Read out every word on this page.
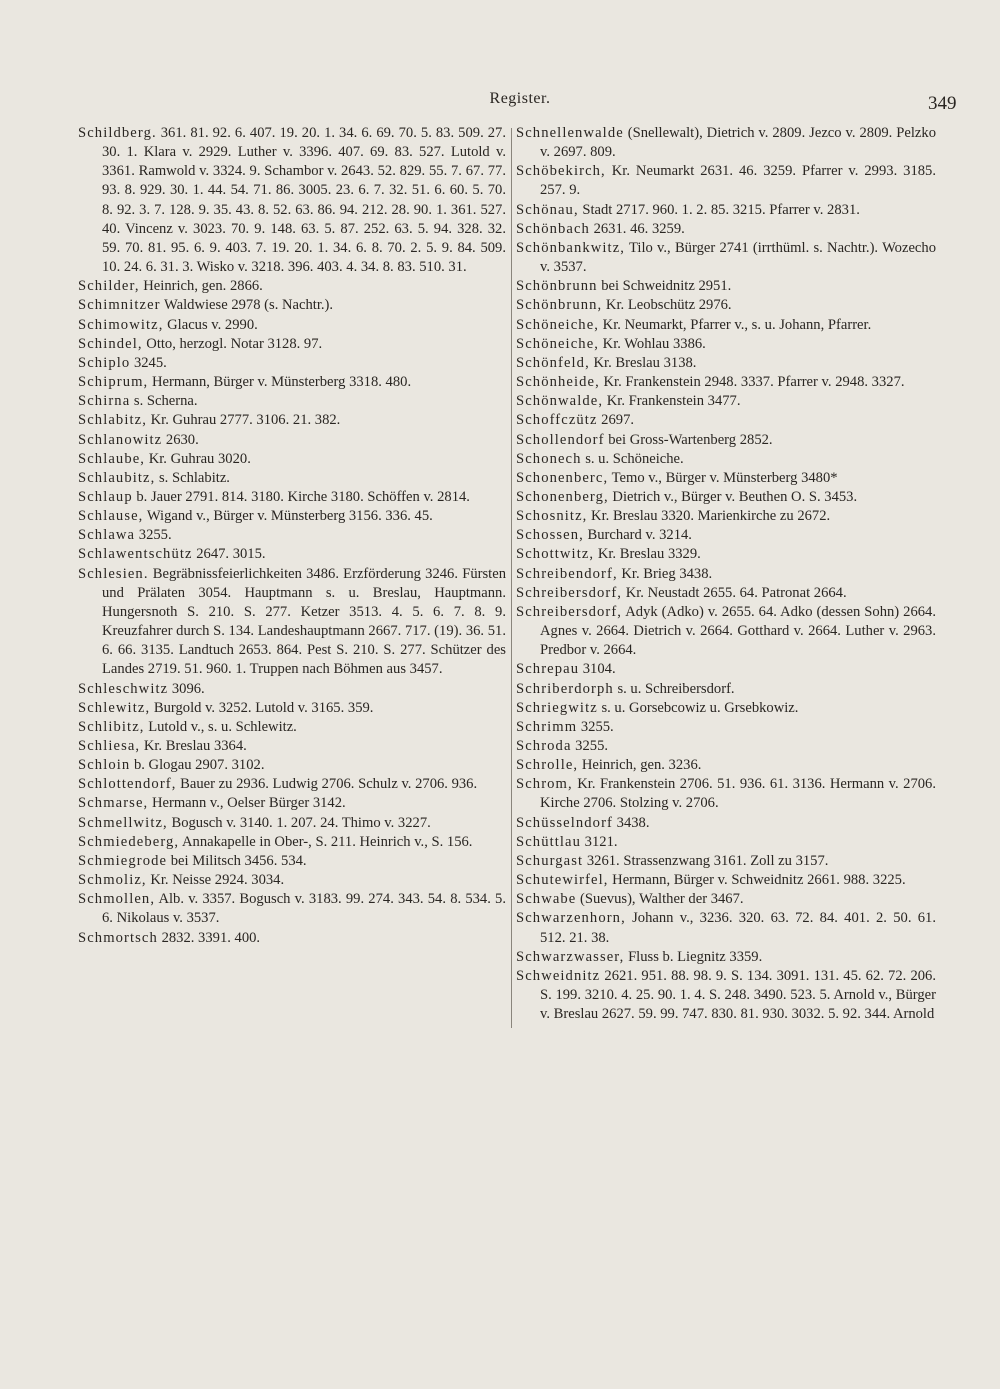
Register.	349

Schildberg. 361. 81. 92. 6. 407. 19. 20. 1. 34. 6. 69. 70. 5. 83. 509. 27. 30. 1. Klara v. 2929. Luther v. 3396. 407. 69. 83. 527. Lutold v. 3361. Ramwold v. 3324. 9. Schambor v. 2643. 52. 829. 55. 7. 67. 77. 93. 8. 929. 30. 1. 44. 54. 71. 86. 3005. 23. 6. 7. 32. 51. 6. 60. 5. 70. 8. 92. 3. 7. 128. 9. 35. 43. 8. 52. 63. 86. 94. 212. 28. 90. 1. 361. 527. 40. Vincenz v. 3023. 70. 9. 148. 63. 5. 87. 252. 63. 5. 94. 328. 32. 59. 70. 81. 95. 6. 9. 403. 7. 19. 20. 1. 34. 6. 8. 70. 2. 5. 9. 84. 509. 10. 24. 6. 31. 3. Wisko v. 3218. 396. 403. 4. 34. 8. 83. 510. 31.

Schilder, Heinrich, gen. 2866.

Schimnitzer Waldwiese 2978 (s. Nachtr.).

Schimowitz, Glacus v. 2990.

Schindel, Otto, herzogl. Notar 3128. 97.

Schiplo 3245.

Schiprum, Hermann, Bürger v. Münsterberg 3318. 480.

Schirna s. Scherna.

Schlabitz, Kr. Guhrau 2777. 3106. 21. 382.

Schlanowitz 2630.

Schlaube, Kr. Guhrau 3020.

Schlaubitz, s. Schlabitz.

Schlaup b. Jauer 2791. 814. 3180. Kirche 3180. Schöffen v. 2814.

Schlause, Wigand v., Bürger v. Münsterberg 3156. 336. 45.

Schlawa 3255.

Schlawentschütz 2647. 3015.

Schlesien. Begräbnissfeierlichkeiten 3486. Erzförderung 3246. Fürsten und Prälaten 3054. Hauptmann s. u. Breslau, Hauptmann. Hungersnoth S. 210. S. 277. Ketzer 3513. 4. 5. 6. 7. 8. 9. Kreuzfahrer durch S. 134. Landeshauptmann 2667. 717. (19). 36. 51. 6. 66. 3135. Landtuch 2653. 864. Pest S. 210. S. 277. Schützer des Landes 2719. 51. 960. 1. Truppen nach Böhmen aus 3457.

Schleschwitz 3096.

Schlewitz, Burgold v. 3252. Lutold v. 3165. 359.

Schlibitz, Lutold v., s. u. Schlewitz.

Schliesa, Kr. Breslau 3364.

Schloin b. Glogau 2907. 3102.

Schlottendorf, Bauer zu 2936. Ludwig 2706. Schulz v. 2706. 936.

Schmarse, Hermann v., Oelser Bürger 3142.

Schmellwitz, Bogusch v. 3140. 1. 207. 24. Thimo v. 3227.

Schmiedeberg, Annakapelle in Ober-, S. 211. Heinrich v., S. 156.

Schmiegrode bei Militsch 3456. 534.

Schmoliz, Kr. Neisse 2924. 3034.

Schmollen, Alb. v. 3357. Bogusch v. 3183. 99. 274. 343. 54. 8. 534. 5. 6. Nikolaus v. 3537.

Schmortsch 2832. 3391. 400.

Schnellenwalde (Snellewalt), Dietrich v. 2809. Jezco v. 2809. Pelzko v. 2697. 809.

Schöbekirch, Kr. Neumarkt 2631. 46. 3259. Pfarrer v. 2993. 3185. 257. 9.

Schönau, Stadt 2717. 960. 1. 2. 85. 3215. Pfarrer v. 2831.

Schönbach 2631. 46. 3259.

Schönbankwitz, Tilo v., Bürger 2741 (irrthüml. s. Nachtr.). Wozecho v. 3537.

Schönbrunn bei Schweidnitz 2951.

Schönbrunn, Kr. Leobschütz 2976.

Schöneiche, Kr. Neumarkt, Pfarrer v., s. u. Johann, Pfarrer.

Schöneiche, Kr. Wohlau 3386.

Schönfeld, Kr. Breslau 3138.

Schönheide, Kr. Frankenstein 2948. 3337. Pfarrer v. 2948. 3327.

Schönwalde, Kr. Frankenstein 3477.

Schoffczütz 2697.

Schollendorf bei Gross-Wartenberg 2852.

Schonech s. u. Schöneiche.

Schonenberc, Temo v., Bürger v. Münsterberg 3480*

Schonenberg, Dietrich v., Bürger v. Beuthen O. S. 3453.

Schosnitz, Kr. Breslau 3320. Marienkirche zu 2672.

Schossen, Burchard v. 3214.

Schottwitz, Kr. Breslau 3329.

Schreibendorf, Kr. Brieg 3438.

Schreibersdorf, Kr. Neustadt 2655. 64. Patronat 2664.

Schreibersdorf, Adyk (Adko) v. 2655. 64. Adko (dessen Sohn) 2664. Agnes v. 2664. Dietrich v. 2664. Gotthard v. 2664. Luther v. 2963. Predbor v. 2664.

Schrepau 3104.

Schriberdorph s. u. Schreibersdorf.

Schriegwitz s. u. Gorsebcowiz u. Grsebkowiz.

Schrimm 3255.

Schroda 3255.

Schrolle, Heinrich, gen. 3236.

Schrom, Kr. Frankenstein 2706. 51. 936. 61. 3136. Hermann v. 2706. Kirche 2706. Stolzing v. 2706.

Schüsselndorf 3438.

Schüttlau 3121.

Schurgast 3261. Strassenzwang 3161. Zoll zu 3157.

Schutewirfel, Hermann, Bürger v. Schweidnitz 2661. 988. 3225.

Schwabe (Suevus), Walther der 3467.

Schwarzenhorn, Johann v., 3236. 320. 63. 72. 84. 401. 2. 50. 61. 512. 21. 38.

Schwarzwasser, Fluss b. Liegnitz 3359.

Schweidnitz 2621. 951. 88. 98. 9. S. 134. 3091. 131. 45. 62. 72. 206. S. 199. 3210. 4. 25. 90. 1. 4. S. 248. 3490. 523. 5. Arnold v., Bürger v. Breslau 2627. 59. 99. 747. 830. 81. 930. 3032. 5. 92. 344. Arnold
